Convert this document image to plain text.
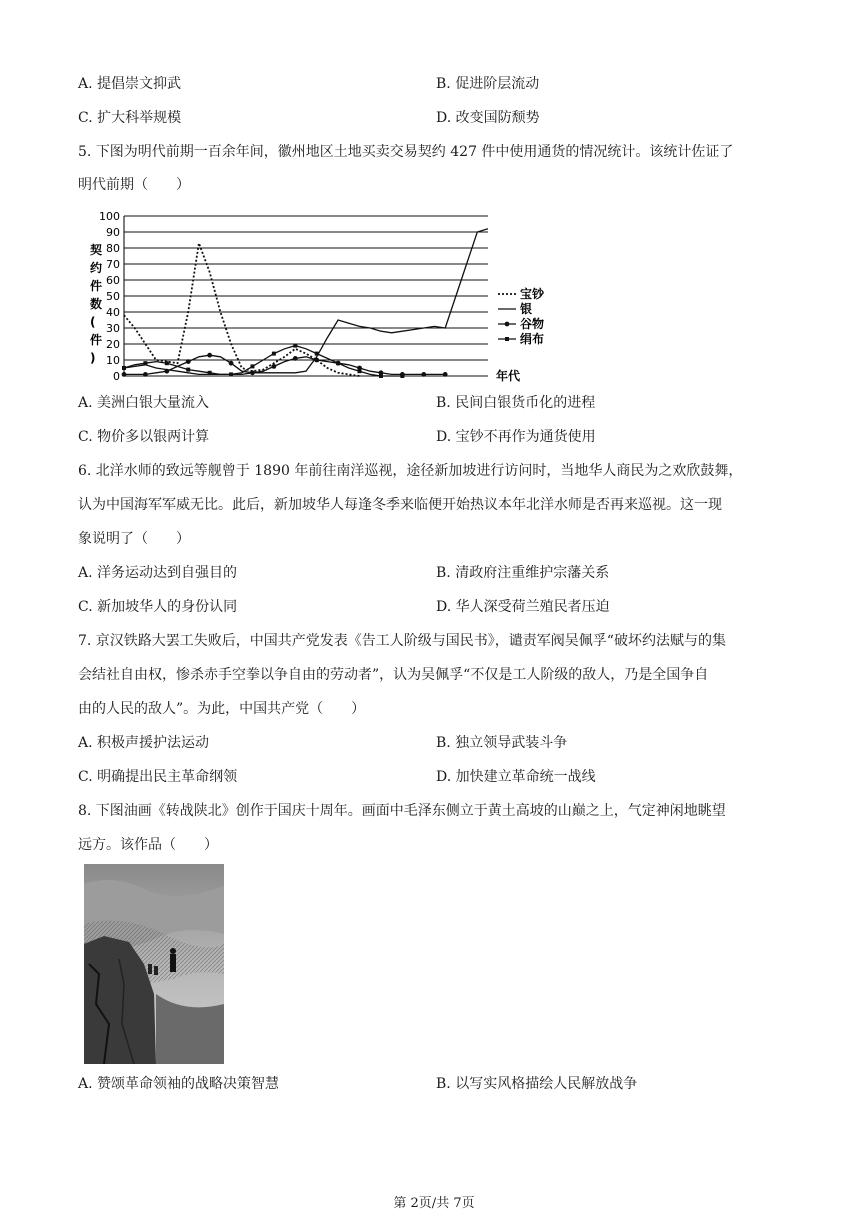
A. 提倡崇文抑武	B. 促进阶层流动
C. 扩大科举规模	D. 改变国防颓势
5. 下图为明代前期一百余年间，徽州地区土地买卖交易契约 427 件中使用通货的情况统计。该统计佐证了
明代前期（　　）
0
10
20
30
40
50
60
70
80
90
100
契约件数(件)
宝钞
银
谷物
绢布
年代
A. 美洲白银大量流入	B. 民间白银货币化的进程
C. 物价多以银两计算	D. 宝钞不再作为通货使用
6. 北洋水师的致远等舰曾于 1890 年前往南洋巡视，途径新加坡进行访问时，当地华人商民为之欢欣鼓舞，
认为中国海军军威无比。此后，新加坡华人每逢冬季来临便开始热议本年北洋水师是否再来巡视。这一现
象说明了（　　）
A. 洋务运动达到自强目的	B. 清政府注重维护宗藩关系
C. 新加坡华人的身份认同	D. 华人深受荷兰殖民者压迫
7. 京汉铁路大罢工失败后，中国共产党发表《告工人阶级与国民书》，谴责军阀吴佩孚“破坏约法赋与的集
会结社自由权，惨杀赤手空拳以争自由的劳动者”，认为吴佩孚“不仅是工人阶级的敌人，乃是全国争自
由的人民的敌人”。为此，中国共产党（　　）
A. 积极声援护法运动	B. 独立领导武装斗争
C. 明确提出民主革命纲领	D. 加快建立革命统一战线
8. 下图油画《转战陕北》创作于国庆十周年。画面中毛泽东侧立于黄土高坡的山巅之上，气定神闲地眺望
远方。该作品（　　）
A. 赞颂革命领袖的战略决策智慧	B. 以写实风格描绘人民解放战争
第 2页/共 7页
